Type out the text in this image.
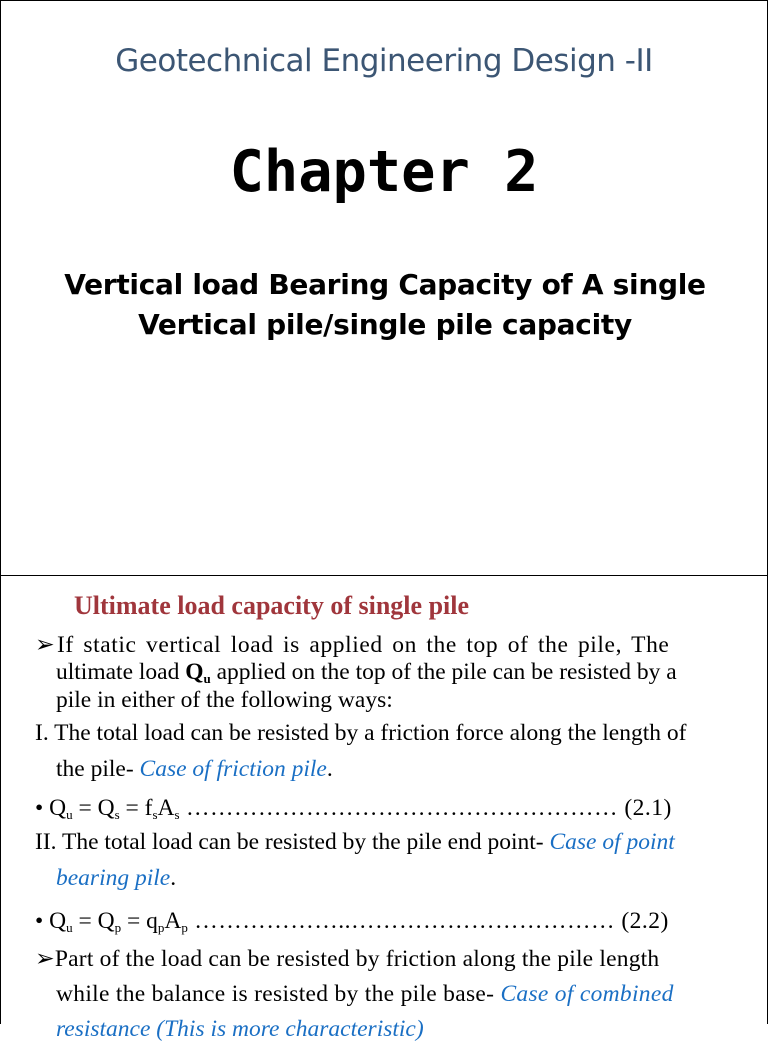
Geotechnical Engineering Design -II
Chapter 2
Vertical load Bearing Capacity of A single
Vertical pile/single pile capacity
Ultimate load capacity of single pile
➢If static vertical load is applied on the top of the pile, The
ultimate load $Q_u$ applied on the top of the pile can be resisted by a
pile in either of the following ways:
I. The total load can be resisted by a friction force along the length of
the pile- Case of friction pile.
• $Q_u = Q_s = f_sA_s$ ……………………………………………… (2.1)
II. The total load can be resisted by the pile end point- Case of point
bearing pile.
• $Q_u = Q_p = q_pA_p$ ………………..…………………………… (2.2)
➢Part of the load can be resisted by friction along the pile length
while the balance is resisted by the pile base- Case of combined
resistance (This is more characteristic)
